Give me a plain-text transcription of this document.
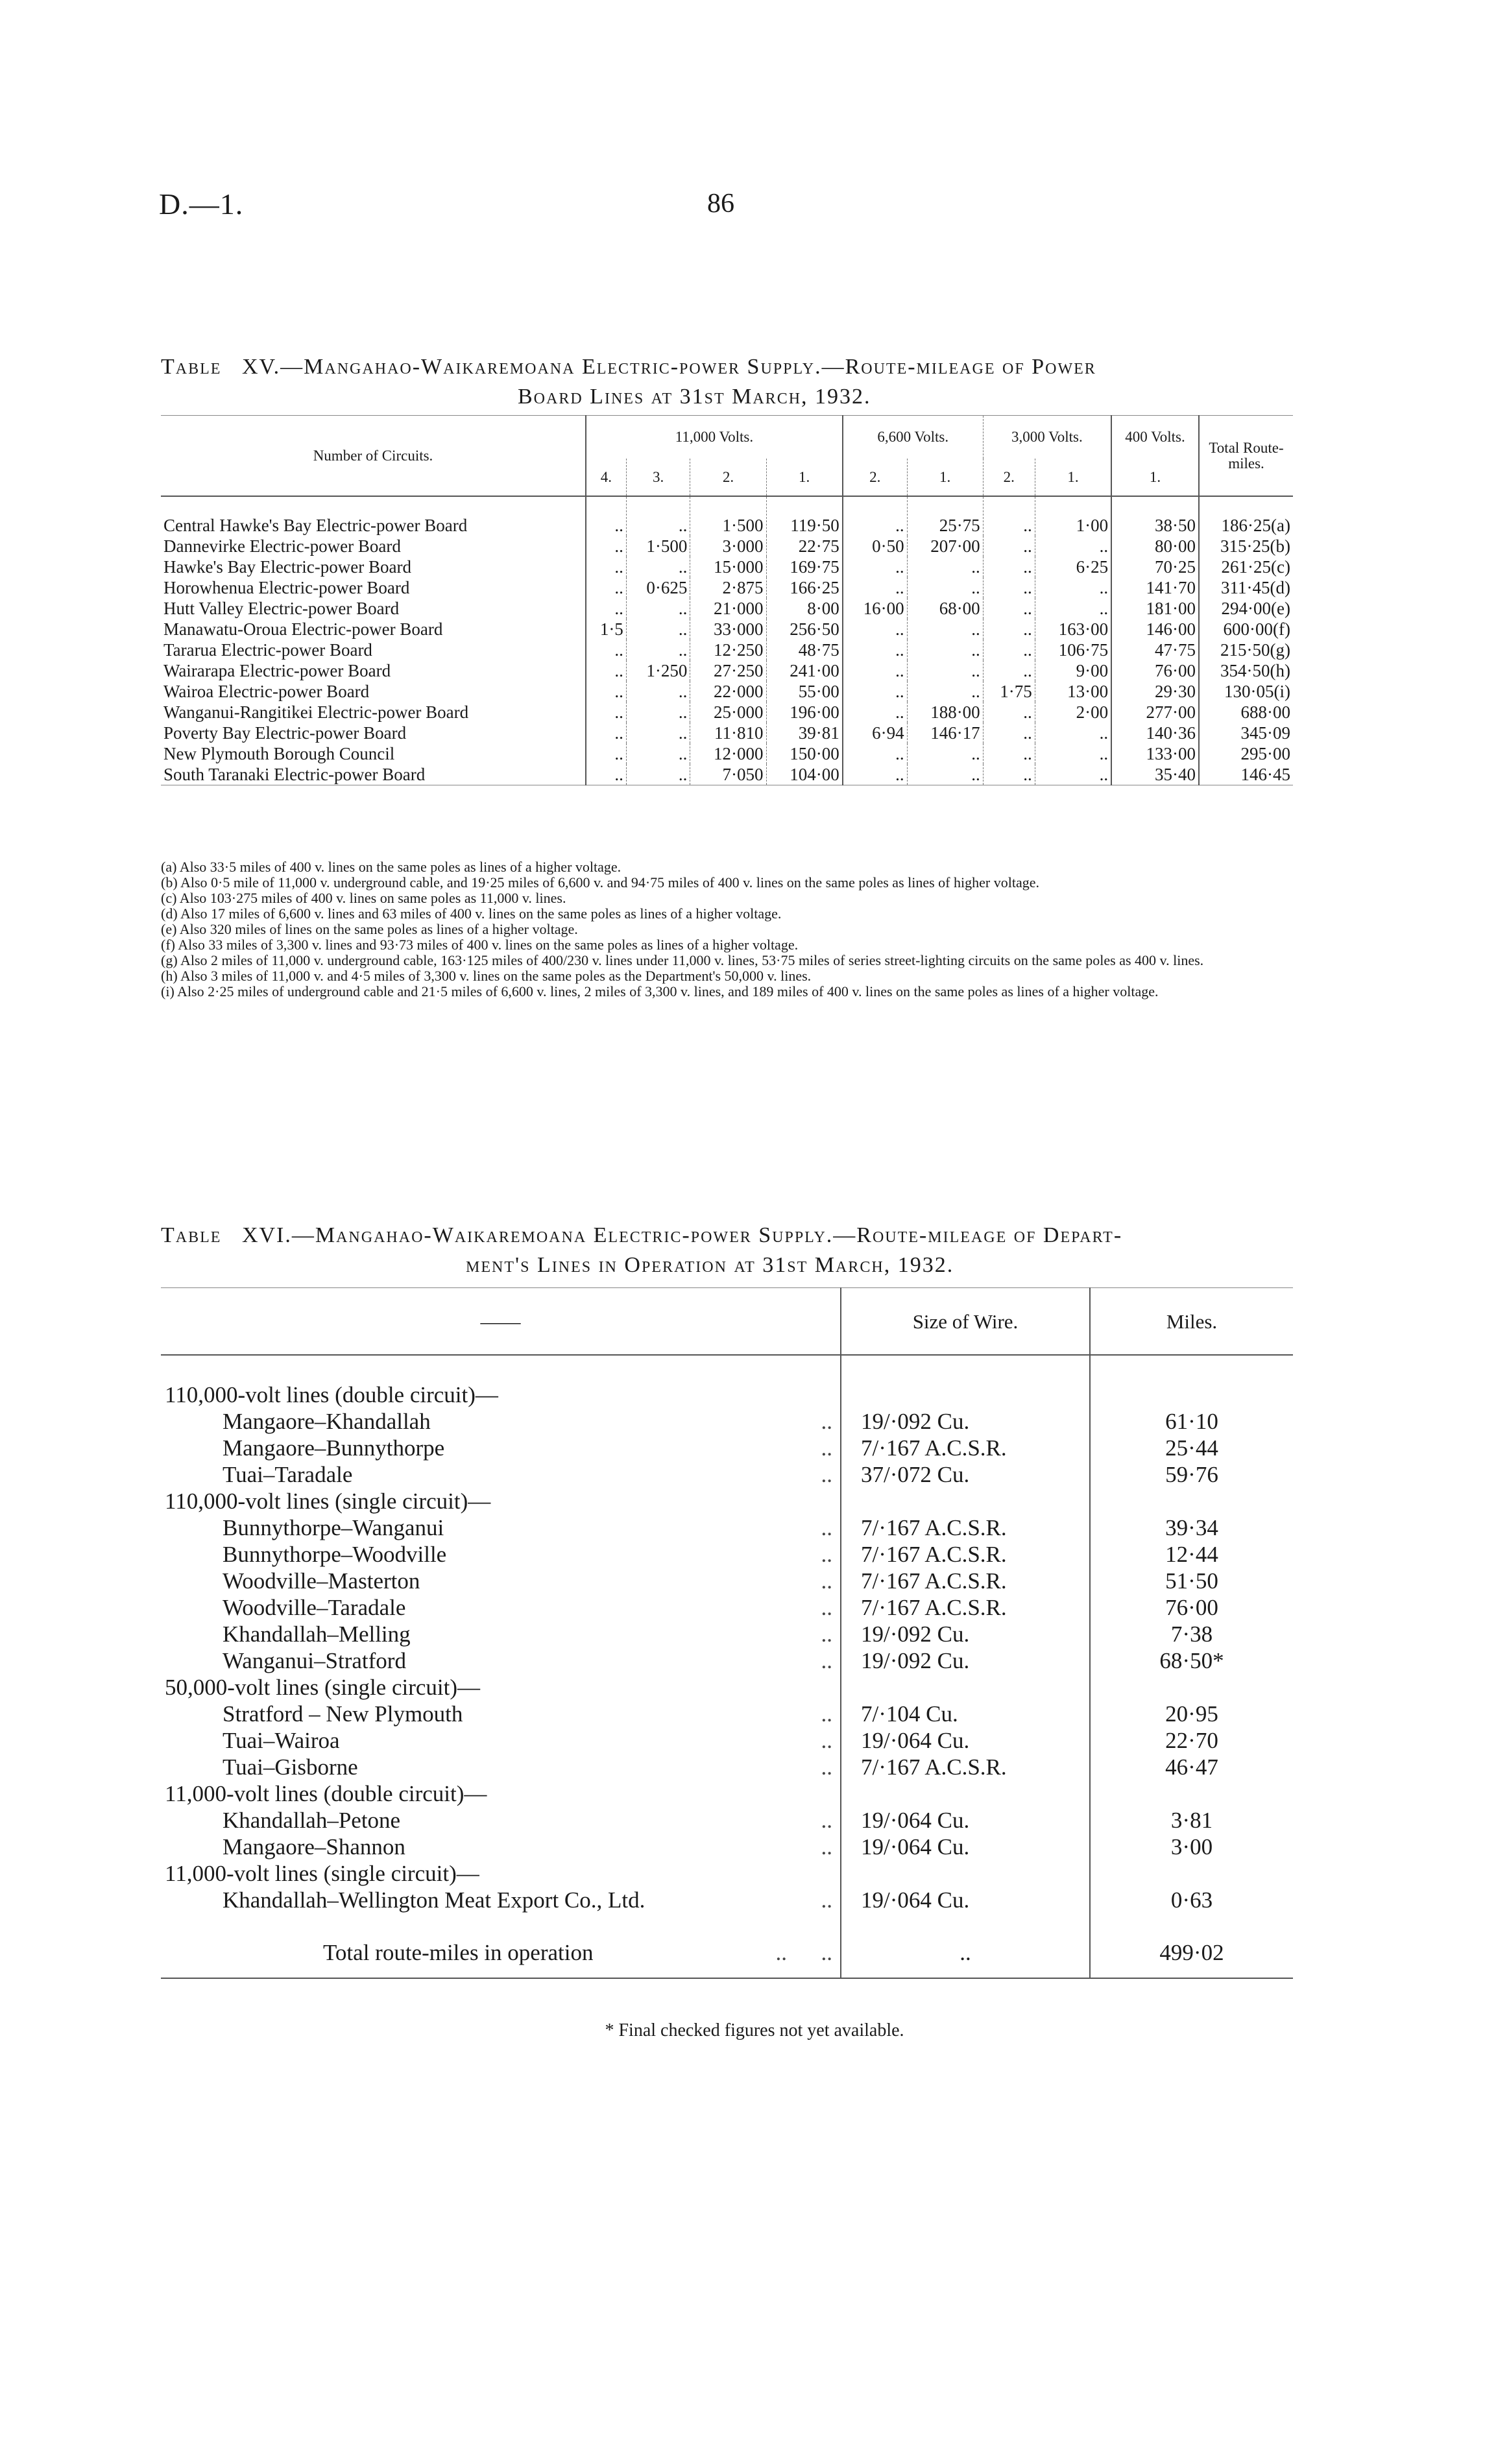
D.—1.	86
Table XV.—Mangahao-Waikaremoana Electric-power Supply.—Route-mileage of Power
Board Lines at 31st March, 1932.
Number of Circuits.	11,000 Volts.				6,600 Volts.		3,000 Volts.		400 Volts.	Total Route-miles.
	4.	3.	2.	1.	2.	1.	2.	1.	1.	
Central Hawke's Bay Electric-power Board	..	..	1·500	119·50	..	25·75	..	1·00	38·50	186·25(a)
Dannevirke Electric-power Board	..	1·500	3·000	22·75	0·50	207·00	..	..	80·00	315·25(b)
Hawke's Bay Electric-power Board	..	..	15·000	169·75	..	..	..	6·25	70·25	261·25(c)
Horowhenua Electric-power Board	..	0·625	2·875	166·25	..	..	..	..	141·70	311·45(d)
Hutt Valley Electric-power Board	..	..	21·000	8·00	16·00	68·00	..	..	181·00	294·00(e)
Manawatu-Oroua Electric-power Board	1·5	..	33·000	256·50	..	..	..	163·00	146·00	600·00(f)
Tararua Electric-power Board	..	..	12·250	48·75	..	..	..	106·75	47·75	215·50(g)
Wairarapa Electric-power Board	..	1·250	27·250	241·00	..	..	..	9·00	76·00	354·50(h)
Wairoa Electric-power Board	..	..	22·000	55·00	..	..	1·75	13·00	29·30	130·05(i)
Wanganui-Rangitikei Electric-power Board	..	..	25·000	196·00	..	188·00	..	2·00	277·00	688·00
Poverty Bay Electric-power Board	..	..	11·810	39·81	6·94	146·17	..	..	140·36	345·09
New Plymouth Borough Council	..	..	12·000	150·00	..	..	..	..	133·00	295·00
South Taranaki Electric-power Board	..	..	7·050	104·00	..	..	..	..	35·40	146·45
(a) Also 33·5 miles of 400 v. lines on the same poles as lines of a higher voltage.
(b) Also 0·5 mile of 11,000 v. underground cable, and 19·25 miles of 6,600 v. and 94·75 miles of 400 v. lines on the same poles as lines of higher voltage.
(c) Also 103·275 miles of 400 v. lines on same poles as 11,000 v. lines.
(d) Also 17 miles of 6,600 v. lines and 63 miles of 400 v. lines on the same poles as lines of a higher voltage.
(e) Also 320 miles of lines on the same poles as lines of a higher voltage.
(f) Also 33 miles of 3,300 v. lines and 93·73 miles of 400 v. lines on the same poles as lines of a higher voltage.
(g) Also 2 miles of 11,000 v. underground cable, 163·125 miles of 400/230 v. lines under 11,000 v. lines, 53·75 miles of series street-lighting circuits on the same poles as 400 v. lines.
(h) Also 3 miles of 11,000 v. and 4·5 miles of 3,300 v. lines on the same poles as the Department's 50,000 v. lines.
(i) Also 2·25 miles of underground cable and 21·5 miles of 6,600 v. lines, 2 miles of 3,300 v. lines, and 189 miles of 400 v. lines on the same poles as lines of a higher voltage.
Table XVI.—Mangahao-Waikaremoana Electric-power Supply.—Route-mileage of Depart-
ment's Lines in Operation at 31st March, 1932.
——	Size of Wire.	Miles.
110,000-volt lines (double circuit)—		
Mangaore–Khandallah ..	19/·092 Cu.	61·10
Mangaore–Bunnythorpe ..	7/·167 A.C.S.R.	25·44
Tuai–Taradale ..	37/·072 Cu.	59·76
110,000-volt lines (single circuit)—		
Bunnythorpe–Wanganui ..	7/·167 A.C.S.R.	39·34
Bunnythorpe–Woodville ..	7/·167 A.C.S.R.	12·44
Woodville–Masterton ..	7/·167 A.C.S.R.	51·50
Woodville–Taradale ..	7/·167 A.C.S.R.	76·00
Khandallah–Melling ..	19/·092 Cu.	7·38
Wanganui–Stratford ..	19/·092 Cu.	68·50*
50,000-volt lines (single circuit)—		
Stratford – New Plymouth ..	7/·104 Cu.	20·95
Tuai–Wairoa ..	19/·064 Cu.	22·70
Tuai–Gisborne ..	7/·167 A.C.S.R.	46·47
11,000-volt lines (double circuit)—		
Khandallah–Petone ..	19/·064 Cu.	3·81
Mangaore–Shannon ..	19/·064 Cu.	3·00
11,000-volt lines (single circuit)—		
Khandallah–Wellington Meat Export Co., Ltd. ..	19/·064 Cu.	0·63
Total route-miles in operation ..      ..	..	499·02
* Final checked figures not yet available.
